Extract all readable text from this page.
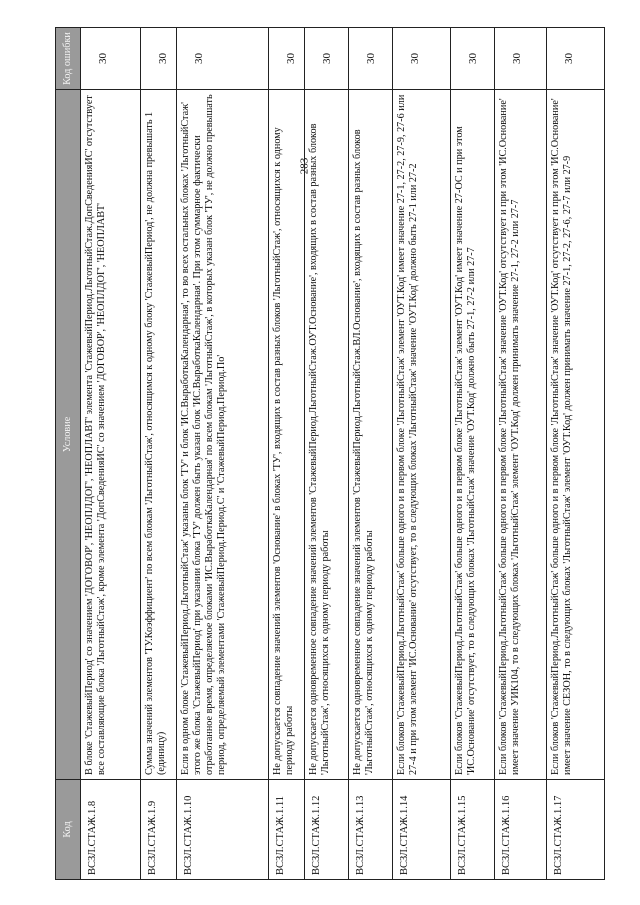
283
Код	Условие	Код ошибки
ВСЗЛ.СТАЖ.1.8	В блоке 'СтажевыйПериод' со значением 'ДОГОВОР', 'НЕОПЛДОГ', 'НЕОПЛАВТ' элемента 'СтажевыйПериод.ЛьготныйСтаж.ДопСведенияИС' отсутствует все составляющие блока 'ЛьготныйСтаж', кроме элемента 'ДопСведенияИС' со значением 'ДОГОВОР', 'НЕОПЛДОГ', 'НЕОПЛАВТ'	30
ВСЗЛ.СТАЖ.1.9	Сумма значений элементов 'ТУ.Коэффициент' по всем блокам 'ЛьготныйСтаж', относящимся к одному блоку 'СтажевыйПериод', не должна превышать 1 (единицу)	30
ВСЗЛ.СТАЖ.1.10	Если в одном блоке 'СтажевыйПериод.ЛьготныйСтаж' указаны блок 'ТУ' и блок 'ИС.ВыработкаКалендарная', то во всех остальных блоках 'ЛьготныйСтаж' этого же блока 'СтажевыйПериод' при указании блока 'ТУ' должен быть указан блок 'ИС.ВыработкаКалендарная'. При этом суммарное фактически отработанное время, определяемое блоками 'ИС.ВыработкаКалендарная' по всем блокам 'ЛьготныйСтаж', в которых указан блок 'ТУ', не должно превышать период, определяемый элементами 'СтажевыйПериод.Период.С' и 'СтажевыйПериод.Период.По'	30
ВСЗЛ.СТАЖ.1.11	Не допускается совпадение значений элементов 'Основание' в блоках 'ТУ', входящих в состав разных блоков 'ЛьготныйСтаж', относящихся к одному периоду работы	30
ВСЗЛ.СТАЖ.1.12	Не допускается одновременное совпадение значений элементов 'СтажевыйПериод.ЛьготныйСтаж.ОУТ.Основание', входящих в состав разных блоков 'ЛьготныйСтаж', относящихся к одному периоду работы	30
ВСЗЛ.СТАЖ.1.13	Не допускается одновременное совпадение значений элементов 'СтажевыйПериод.ЛьготныйСтаж.ВЛ.Основание', входящих в состав разных блоков 'ЛьготныйСтаж', относящихся к одному периоду работы	30
ВСЗЛ.СТАЖ.1.14	Если блоков 'СтажевыйПериод.ЛьготныйСтаж' больше одного и в первом блоке 'ЛьготныйСтаж' элемент 'ОУТ.Код' имеет значение 27-1, 27-2, 27-9, 27-6 или 27-4 и при этом элемент 'ИС.Основание' отсутствует, то в следующих блоках 'ЛьготныйСтаж' значение 'ОУТ.Код' должно быть 27-1 или 27-2	30
ВСЗЛ.СТАЖ.1.15	Если блоков 'СтажевыйПериод.ЛьготныйСтаж' больше одного и в первом блоке 'ЛьготныйСтаж' элемент 'ОУТ.Код' имеет значение 27-ОС и при этом 'ИС.Основание' отсутствует, то в следующих блоках 'ЛьготныйСтаж' значение 'ОУТ.Код' должно быть 27-1, 27-2 или 27-7	30
ВСЗЛ.СТАЖ.1.16	Если блоков 'СтажевыйПериод.ЛьготныйСтаж' больше одного и в первом блоке 'ЛьготныйСтаж' значение 'ОУТ.Код' отсутствует и при этом 'ИС.Основание' имеет значение УИК104, то в следующих блоках 'ЛьготныйСтаж' элемент 'ОУТ.Код' должен принимать значение 27-1, 27-2 или 27-7	30
ВСЗЛ.СТАЖ.1.17	Если блоков 'СтажевыйПериод.ЛьготныйСтаж' больше одного и в первом блоке 'ЛьготныйСтаж' значение 'ОУТ.Код' отсутствует и при этом 'ИС.Основание' имеет значение СЕЗОН, то в следующих блоках 'ЛьготныйСтаж' элемент 'ОУТ.Код' должен принимать значение 27-1, 27-2, 27-6, 27-7 или 27-9	30
